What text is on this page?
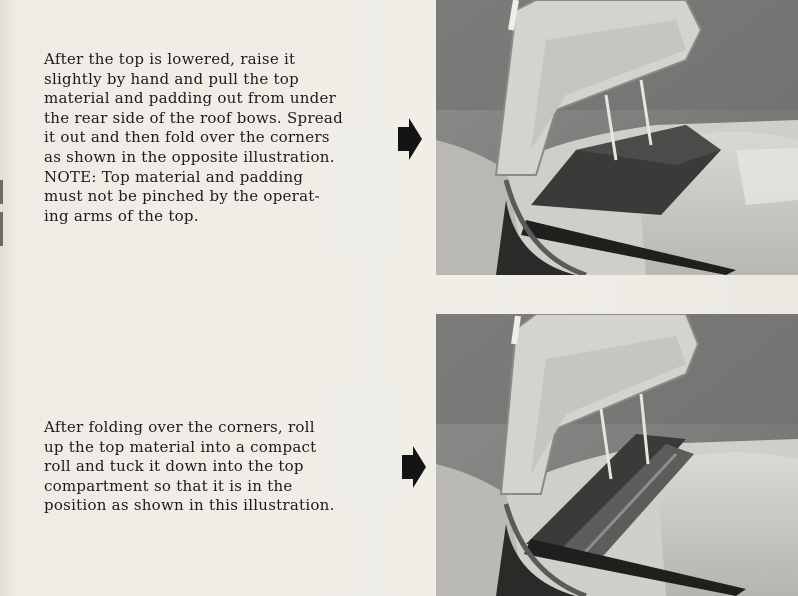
After the top is lowered, raise it
slightly by hand and pull the top
material and padding out from under
the rear side of the roof bows. Spread
it out and then fold over the corners
as shown in the opposite illustration.
NOTE: Top material and padding
must not be pinched by the operat-
ing arms of the top.
After folding over the corners, roll
up the top material into a compact
roll and tuck it down into the top
compartment so that it is in the
position as shown in this illustration.
